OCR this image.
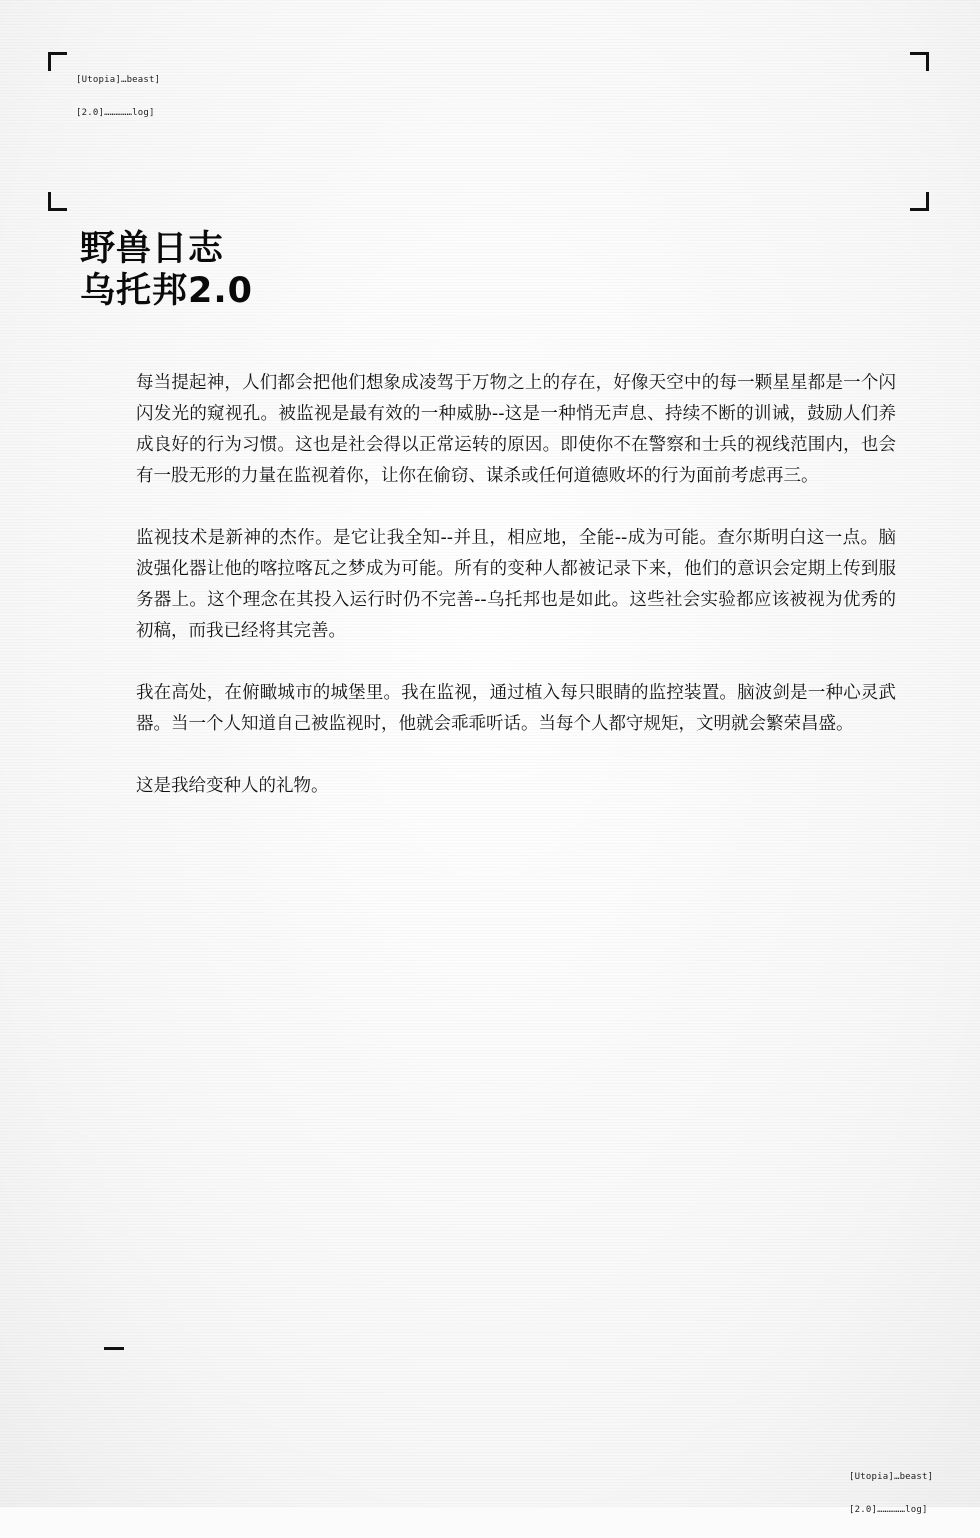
[Utopia]…beast]

[2.0]……………log]

野兽日志
乌托邦2.0

每当提起神，人们都会把他们想象成凌驾于万物之上的存在，好像天空中的每一颗星星都是一个闪闪发光的窥视孔。被监视是最有效的一种威胁--这是一种悄无声息、持续不断的训诫，鼓励人们养成良好的行为习惯。这也是社会得以正常运转的原因。即使你不在警察和士兵的视线范围内，也会有一股无形的力量在监视着你，让你在偷窃、谋杀或任何道德败坏的行为面前考虑再三。

监视技术是新神的杰作。是它让我全知--并且，相应地，全能--成为可能。查尔斯明白这一点。脑波强化器让他的喀拉喀瓦之梦成为可能。所有的变种人都被记录下来，他们的意识会定期上传到服务器上。这个理念在其投入运行时仍不完善--乌托邦也是如此。这些社会实验都应该被视为优秀的初稿，而我已经将其完善。

我在高处，在俯瞰城市的城堡里。我在监视，通过植入每只眼睛的监控装置。脑波剑是一种心灵武器。当一个人知道自己被监视时，他就会乖乖听话。当每个人都守规矩，文明就会繁荣昌盛。

这是我给变种人的礼物。

[Utopia]…beast]

[2.0]……………log]
